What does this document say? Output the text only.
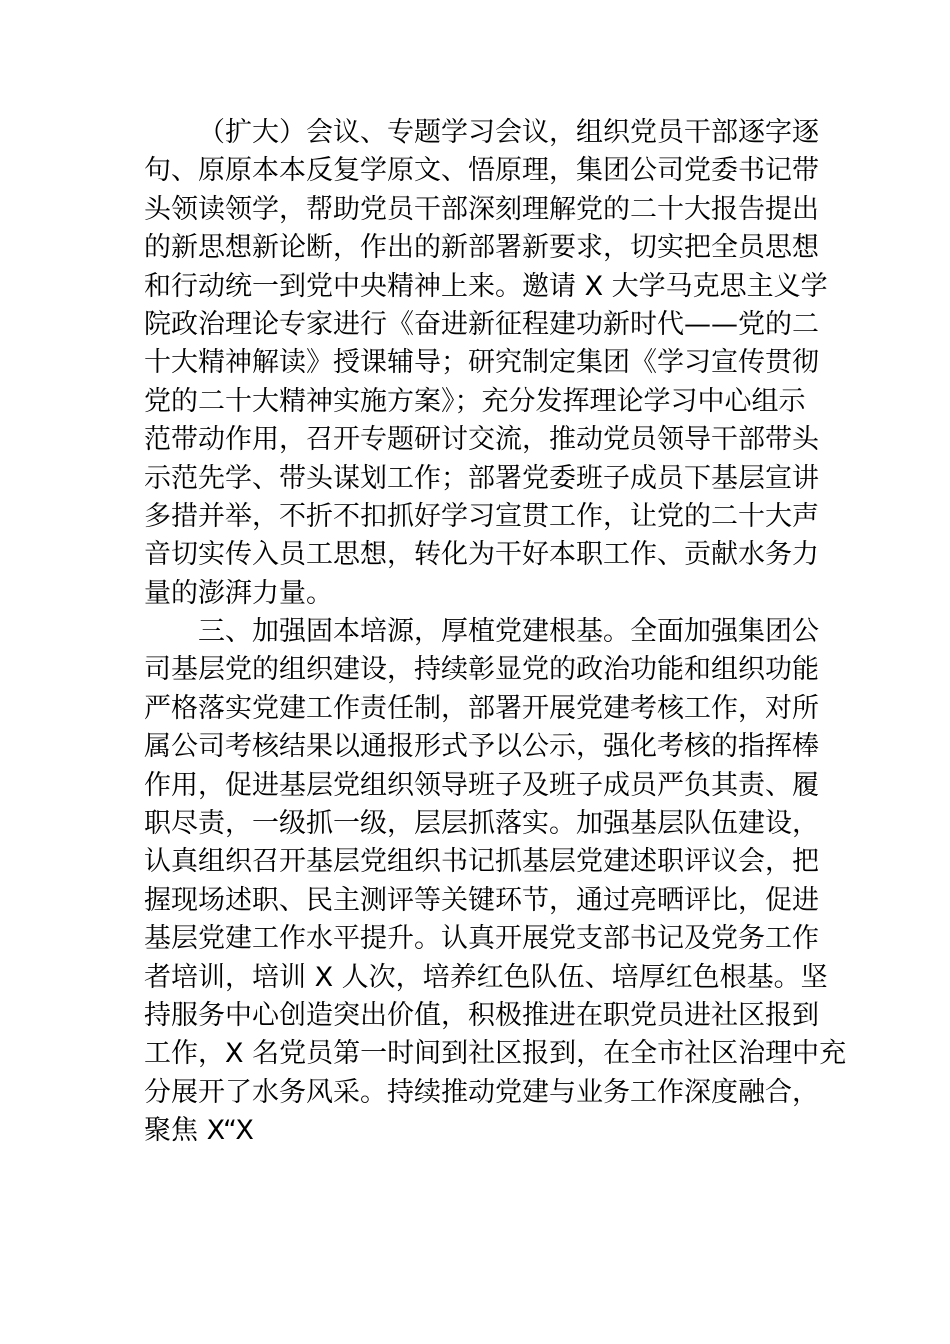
（扩大）会议、专题学习会议，组织党员干部逐字逐
句、原原本本反复学原文、悟原理，集团公司党委书记带
头领读领学，帮助党员干部深刻理解党的二十大报告提出
的新思想新论断，作出的新部署新要求，切实把全员思想
和行动统一到党中央精神上来。邀请 X 大学马克思主义学
院政治理论专家进行《奋进新征程建功新时代——党的二
十大精神解读》授课辅导；研究制定集团《学习宣传贯彻
党的二十大精神实施方案》；充分发挥理论学习中心组示
范带动作用，召开专题研讨交流，推动党员领导干部带头
示范先学、带头谋划工作；部署党委班子成员下基层宣讲
多措并举，不折不扣抓好学习宣贯工作，让党的二十大声
音切实传入员工思想，转化为干好本职工作、贡献水务力
量的澎湃力量。
三、加强固本培源，厚植党建根基。全面加强集团公
司基层党的组织建设，持续彰显党的政治功能和组织功能
严格落实党建工作责任制，部署开展党建考核工作，对所
属公司考核结果以通报形式予以公示，强化考核的指挥棒
作用，促进基层党组织领导班子及班子成员严负其责、履
职尽责，一级抓一级，层层抓落实。加强基层队伍建设，
认真组织召开基层党组织书记抓基层党建述职评议会，把
握现场述职、民主测评等关键环节，通过亮晒评比，促进
基层党建工作水平提升。认真开展党支部书记及党务工作
者培训，培训 X 人次，培养红色队伍、培厚红色根基。坚
持服务中心创造突出价值，积极推进在职党员进社区报到
工作，X 名党员第一时间到社区报到，在全市社区治理中充
分展开了水务风采。持续推动党建与业务工作深度融合，
聚焦 X“X
